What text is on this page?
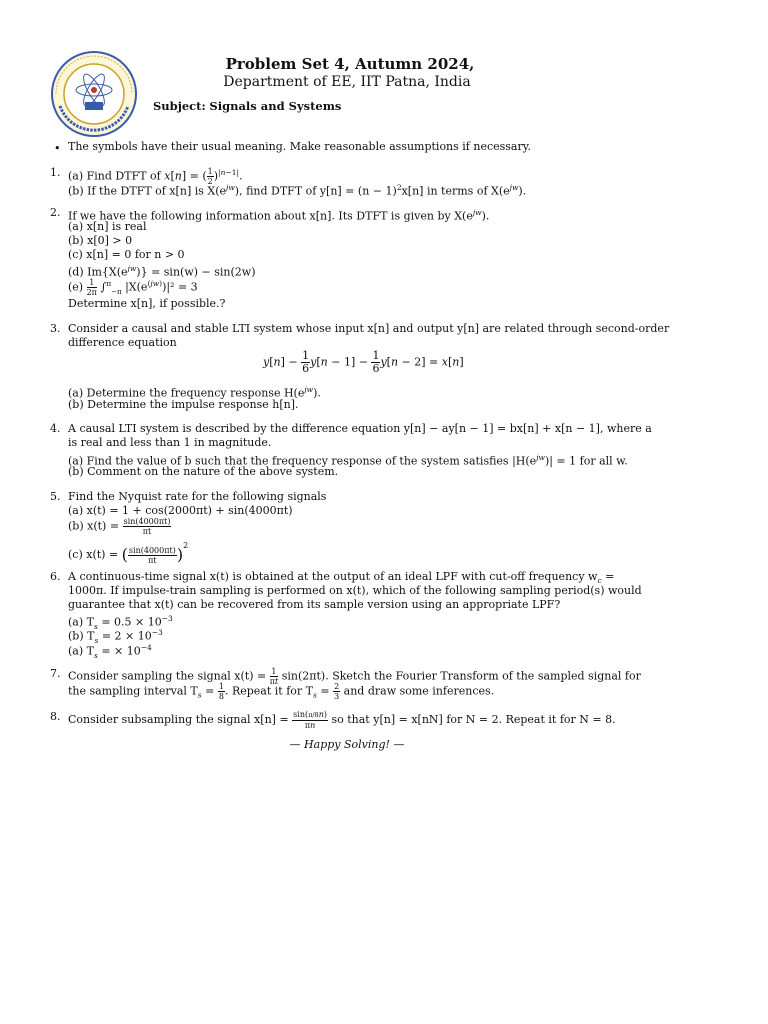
Problem Set 4, Autumn 2024,
Department of EE, IIT Patna, India
Subject: Signals and Systems
• The symbols have their usual meaning. Make reasonable assumptions if necessary.
1. (a) Find DTFT of x[n] = ( $\frac{1}{2} )^{|n-1|}$.
(b) If the DTFT of x[n] is $X(e^{jw})$, find DTFT of $y[n] = (n - 1)^2x[n]$ in terms of $X(e^{jw})$.
2. If we have the following information about x[n]. Its DTFT is given by $X(e^{jw})$.
(a) x[n] is real
(b) x[0] > 0
(c) x[n] = 0 for n > 0
(d) $Im\{X(e^{jw})\} = \sin(w) - \sin(2w)$
$(e) \frac{1}{2\pi} \int^\pi_{-\pi}$ $|X(e^{(jw)})|^2 = 3$
Determine x[n], if possible.?
3. Consider a causal and stable LTI system whose input x[n] and output y[n] are related through second-order
difference equation
$y[n] - \frac{1}{6} y[n - 1] - \frac{1}{6} y[n - 2] = x[n]$
(a) Determine the frequency response $H(e^{jw})$.
(b) Determine the impulse response h[n].
4. A causal LTI system is described by the difference equation y[n] − ay[n − 1] = bx[n] + x[n − 1], where a
is real and less than 1 in magnitude.
(a) Find the value of b such that the frequency response of the system satisfies $|H(e^{jw})| = 1$ for all w.
(b) Comment on the nature of the above system.
5. Find the Nyquist rate for the following signals
(a) x(t) = 1 + cos(2000πt) + sin(4000πt)
(b) $x(t) = \frac{\sin(4000\pi t)}{\pi t}$
(c) x(t) = ( $\frac{\sin(4000\pi t)}{\pi t} )^2$
6. A continuous-time signal x(t) is obtained at the output of an ideal LPF with cut-off frequency $w_c$ =
1000π. If impulse-train sampling is performed on x(t), which of the following sampling period(s) would
guarantee that x(t) can be recovered from its sample version using an appropriate LPF?
(a) $T_s = 0.5 \times 10^{-3}$
(b) $T_s = 2 \times 10^{-3}$
(a) $T_s$ = × $10^{-4}$
7. Consider sampling the signal $x(t) = \frac{1}{\pi t} \sin(2\pi t)$. Sketch the Fourier Transform of the sampled signal for
the sampling interval $T_s = \frac{1}{8}$ . Repeat it for $T_s = \frac{2}{3}$ and draw some inferences.
8. Consider subsampling the signal $x[n] = \frac{\sin(\pi/8n)}{\pi n}$ so that y[n] = x[nN] for N = 2. Repeat it for N = 8.
— Happy Solving! —
